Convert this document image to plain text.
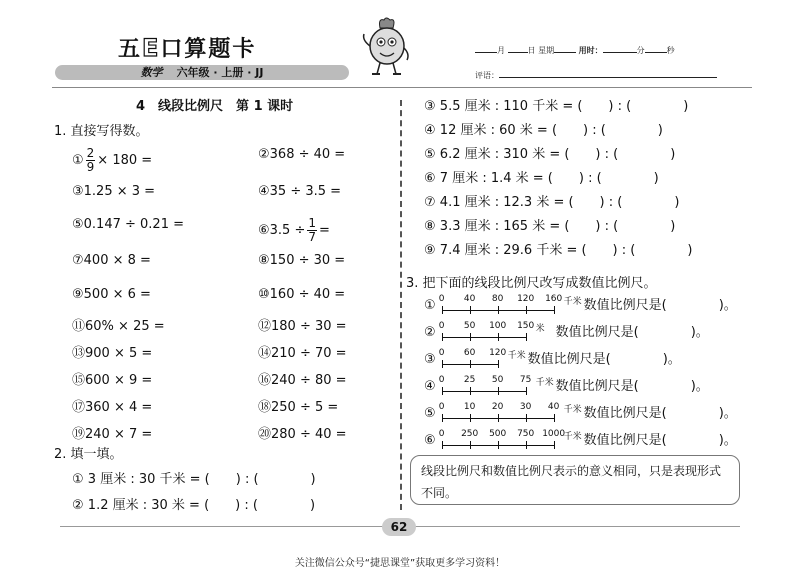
五E口算题卡
数学 六年级 · 上册 · JJ
月	日 星期	用时：	分	秒
评语：
4　线段比例尺　第 1 课时
1. 直接写得数。
① $\frac{2}{9} \times 180$ =	②368 ÷ 40 =
③1.25 × 3 =	④35 ÷ 3.5 =
⑤0.147 ÷ 0.21 =	⑥3.5 ÷ $\frac{1}{7}$ =
⑦400 × 8 =	⑧150 ÷ 30 =
⑨500 × 6 =	⑩160 ÷ 40 =
⑪60% × 25 =	⑫180 ÷ 30 =
⑬900 × 5 =	⑭210 ÷ 70 =
⑮600 × 9 =	⑯240 ÷ 80 =
⑰360 × 4 =	⑱250 ÷ 5 =
⑲240 × 7 =	⑳280 ÷ 40 =
2. 填一填。
① 3 厘米 : 30 千米 = (　　) : (　　　　)
② 1.2 厘米 : 30 米 = (　　) : (　　　　)
③ 5.5 厘米 : 110 千米 = (　　) : (　　　　)
④ 12 厘米 : 60 米 = (　　) : (　　　　)
⑤ 6.2 厘米 : 310 米 = (　　) : (　　　　)
⑥ 7 厘米 : 1.4 米 = (　　) : (　　　　)
⑦ 4.1 厘米 : 12.3 米 = (　　) : (　　　　)
⑧ 3.3 厘米 : 165 米 = (　　) : (　　　　)
⑨ 7.4 厘米 : 29.6 千米 = (　　) : (　　　　)
3. 把下面的线段比例尺改写成数值比例尺。
① 0 40 80 120 160 千米 数值比例尺是(　　　　)。
② 0 50 100 150 米 数值比例尺是(　　　　)。
③ 0 60 120 千米 数值比例尺是(　　　　)。
④ 0 25 50 75 千米 数值比例尺是(　　　　)。
⑤ 0 10 20 30 40 千米 数值比例尺是(　　　　)。
⑥ 0 250 500 750 1000
千米 数值比例尺是(　　　　)。
线段比例尺和数值比例尺表示的意义相同，只是表现形式不同。
62
关注微信公众号“捷思课堂”获取更多学习资料！
